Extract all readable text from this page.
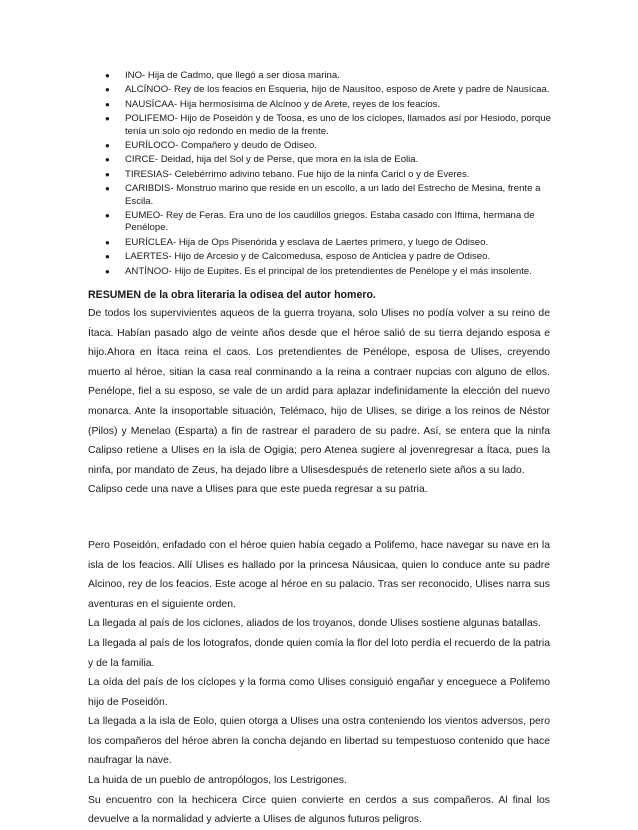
● INO- Hija de Cadmo, que llegó a ser diosa marina.
● ALCÍNOO- Rey de los feacios en Esqueria, hijo de Nausítoo, esposo de Arete y padre de Nausícaa.
● NAUSÍCAA- Hija hermosísima de Alcínoo y de Arete, reyes de los feacios.
● POLIFEMO- Hijo de Poseidón y de Toosa, es uno de los cíclopes, llamados así por Hesiodo, porque tenía un solo ojo redondo en medio de la frente.
● EURÍLOCO- Compañero y deudo de Odiseo.
● CIRCE- Deidad, hija del Sol y de Perse, que mora en la isla de Eolia.
● TIRESIAS- Celebérrimo adivino tebano. Fue hijo de la ninfa Caricl o y de Everes.
● CARIBDIS- Monstruo marino que reside en un escollo, a un lado del Estrecho de Mesina, frente a Escila.
● EUMEO- Rey de Feras. Era uno de los caudillos griegos. Estaba casado con Iftima, hermana de Penélope.
● EURÍCLEA- Hija de Ops Pisenórida y esclava de Laertes primero, y luego de Odiseo.
● LAERTES- Hijo de Arcesio y de Calcomedusa, esposo de Anticlea y padre de Odiseo.
● ANTÍNOO- Hijo de Eupites. Es el principal de los pretendientes de Penélope y el más insolente.
RESUMEN de la obra literaria la odisea del autor homero.

De todos los supervivientes aqueos de la guerra troyana, solo Ulises no podía volver a su reino de Ítaca. Habían pasado algo de veinte años desde que el héroe salió de su tierra dejando esposa e hijo.Ahora en Ítaca reina el caos. Los pretendientes de Penélope, esposa de Ulises, creyendo muerto al héroe, sitian la casa real conminando a la reina a contraer nupcias con alguno de ellos. Penélope, fiel a su esposo, se vale de un ardid para aplazar indefinidamente la elección del nuevo monarca. Ante la insoportable situación, Telémaco, hijo de Ulises, se dirige a los reinos de Néstor (Pilos) y Menelao (Esparta) a fin de rastrear el paradero de su padre. Así, se entera que la ninfa Calipso retiene a Ulises en la isla de Ogigia; pero Atenea sugiere al jovenregresar a Ítaca, pues la ninfa, por mandato de Zeus, ha dejado libre a Ulisesdespués de retenerlo siete años a su lado.

Calipso cede una nave a Ulises para que este pueda regresar a su patria.

Pero Poseidón, enfadado con el héroe quien había cegado a Polifemo, hace navegar su nave en la isla de los feacios. Allí Ulises es hallado por la princesa Náusicaa, quien lo conduce ante su padre Alcinoo, rey de los feacios. Este acoge al héroe en su palacio. Tras ser reconocido, Ulises narra sus aventuras en el siguiente orden.

La llegada al país de los ciclones, aliados de los troyanos, donde Ulises sostiene algunas batallas.

La llegada al país de los lotografos, donde quien comía la flor del loto perdía el recuerdo de la patria y de la familia.

La oída del país de los cíclopes y la forma como Ulises consiguió engañar y enceguece a Polifemo hijo de Poseidón.

La llegada a la isla de Eolo, quien otorga a Ulises una ostra conteniendo los vientos adversos, pero los compañeros del héroe abren la concha dejando en libertad su tempestuoso contenido que hace naufragar la nave.

La huida de un pueblo de antropólogos, los Lestrigones.

Su encuentro con la hechicera Circe quien convierte en cerdos a sus compañeros. Al final los devuelve a la normalidad y advierte a Ulises de algunos futuros peligros.
